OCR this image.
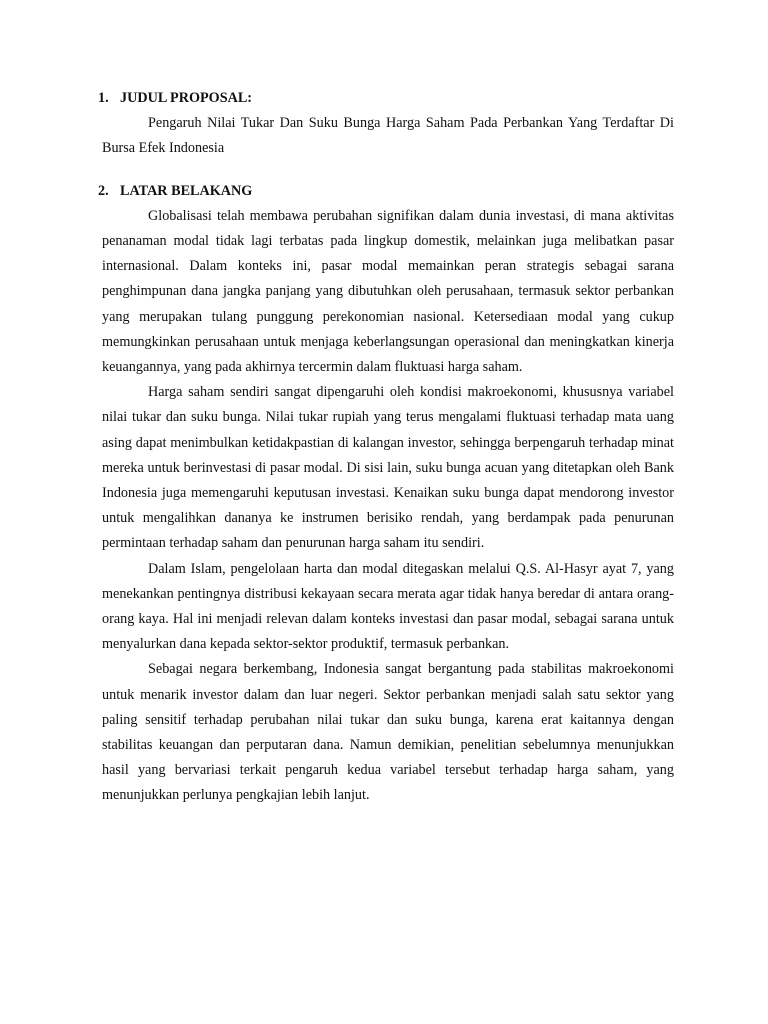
1. JUDUL PROPOSAL:

Pengaruh Nilai Tukar Dan Suku Bunga Harga Saham Pada Perbankan Yang Terdaftar Di Bursa Efek Indonesia

2. LATAR BELAKANG

Globalisasi telah membawa perubahan signifikan dalam dunia investasi, di mana aktivitas penanaman modal tidak lagi terbatas pada lingkup domestik, melainkan juga melibatkan pasar internasional. Dalam konteks ini, pasar modal memainkan peran strategis sebagai sarana penghimpunan dana jangka panjang yang dibutuhkan oleh perusahaan, termasuk sektor perbankan yang merupakan tulang punggung perekonomian nasional. Ketersediaan modal yang cukup memungkinkan perusahaan untuk menjaga keberlangsungan operasional dan meningkatkan kinerja keuangannya, yang pada akhirnya tercermin dalam fluktuasi harga saham.

Harga saham sendiri sangat dipengaruhi oleh kondisi makroekonomi, khususnya variabel nilai tukar dan suku bunga. Nilai tukar rupiah yang terus mengalami fluktuasi terhadap mata uang asing dapat menimbulkan ketidakpastian di kalangan investor, sehingga berpengaruh terhadap minat mereka untuk berinvestasi di pasar modal. Di sisi lain, suku bunga acuan yang ditetapkan oleh Bank Indonesia juga memengaruhi keputusan investasi. Kenaikan suku bunga dapat mendorong investor untuk mengalihkan dananya ke instrumen berisiko rendah, yang berdampak pada penurunan permintaan terhadap saham dan penurunan harga saham itu sendiri.

Dalam Islam, pengelolaan harta dan modal ditegaskan melalui Q.S. Al-Hasyr ayat 7, yang menekankan pentingnya distribusi kekayaan secara merata agar tidak hanya beredar di antara orang-orang kaya. Hal ini menjadi relevan dalam konteks investasi dan pasar modal, sebagai sarana untuk menyalurkan dana kepada sektor-sektor produktif, termasuk perbankan.

Sebagai negara berkembang, Indonesia sangat bergantung pada stabilitas makroekonomi untuk menarik investor dalam dan luar negeri. Sektor perbankan menjadi salah satu sektor yang paling sensitif terhadap perubahan nilai tukar dan suku bunga, karena erat kaitannya dengan stabilitas keuangan dan perputaran dana. Namun demikian, penelitian sebelumnya menunjukkan hasil yang bervariasi terkait pengaruh kedua variabel tersebut terhadap harga saham, yang menunjukkan perlunya pengkajian lebih lanjut.
